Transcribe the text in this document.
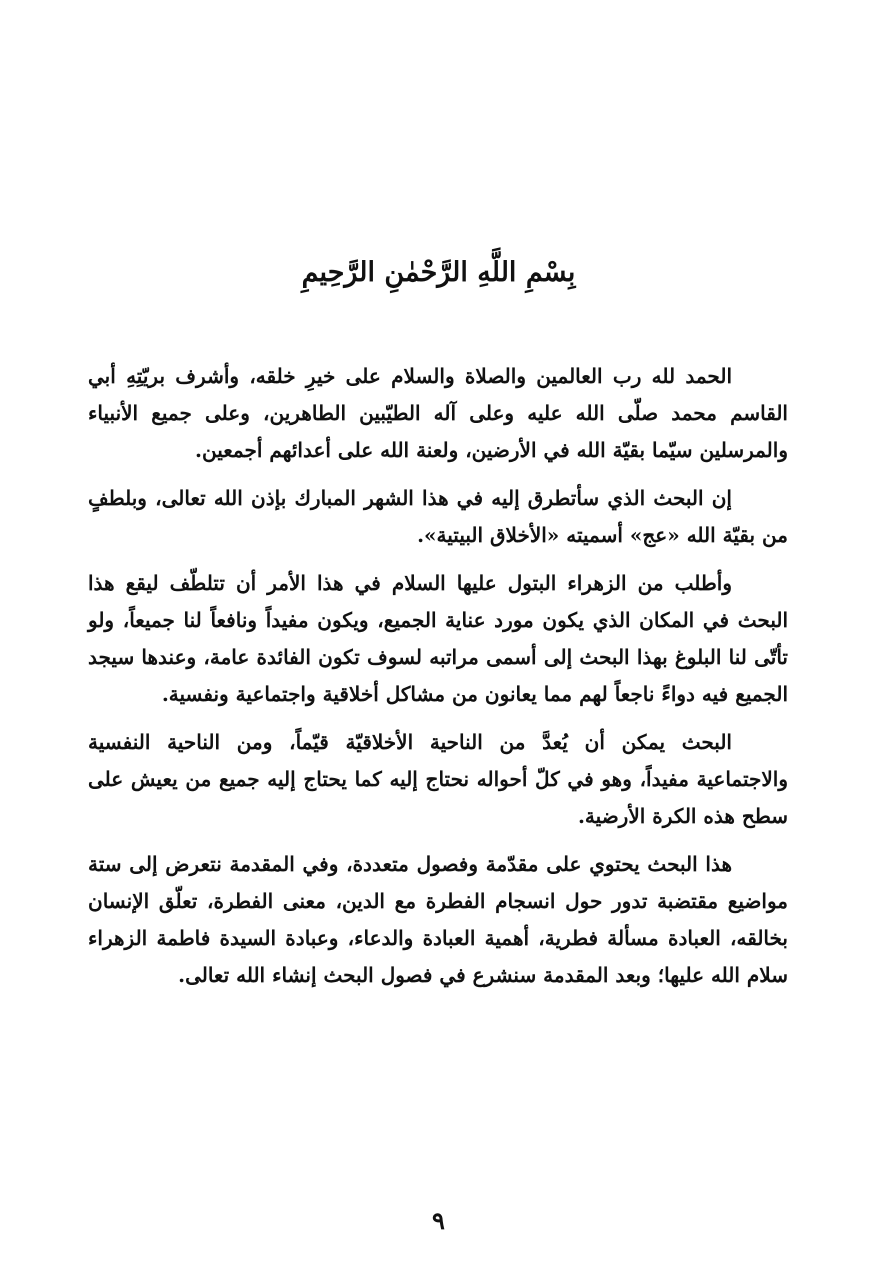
بِسْمِ اللَّهِ الرَّحْمٰنِ الرَّحِيمِ

الحمد لله رب العالمين والصلاة والسلام على خيرِ خلقه، وأشرف بريّتِهِ أبي القاسم محمد صلّى الله عليه وعلى آله الطيّبين الطاهرين، وعلى جميع الأنبياء والمرسلين سيّما بقيّة الله في الأرضين، ولعنة الله على أعدائهم أجمعين.

إن البحث الذي سأتطرق إليه في هذا الشهر المبارك بإذن الله تعالى، وبلطفٍ من بقيّة الله «عج» أسميته «الأخلاق البيتية».

وأطلب من الزهراء البتول عليها السلام في هذا الأمر أن تتلطّف ليقع هذا البحث في المكان الذي يكون مورد عناية الجميع، ويكون مفيداً ونافعاً لنا جميعاً، ولو تأتّى لنا البلوغ بهذا البحث إلى أسمى مراتبه لسوف تكون الفائدة عامة، وعندها سيجد الجميع فيه دواءً ناجعاً لهم مما يعانون من مشاكل أخلاقية واجتماعية ونفسية.

البحث يمكن أن يُعدَّ من الناحية الأخلاقيّة قيّماً، ومن الناحية النفسية والاجتماعية مفيداً، وهو في كلّ أحواله نحتاج إليه كما يحتاج إليه جميع من يعيش على سطح هذه الكرة الأرضية.

هذا البحث يحتوي على مقدّمة وفصول متعددة، وفي المقدمة نتعرض إلى ستة مواضيع مقتضبة تدور حول انسجام الفطرة مع الدين، معنى الفطرة، تعلّق الإنسان بخالقه، العبادة مسألة فطرية، أهمية العبادة والدعاء، وعبادة السيدة فاطمة الزهراء سلام الله عليها؛ وبعد المقدمة سنشرع في فصول البحث إنشاء الله تعالى.

٩
